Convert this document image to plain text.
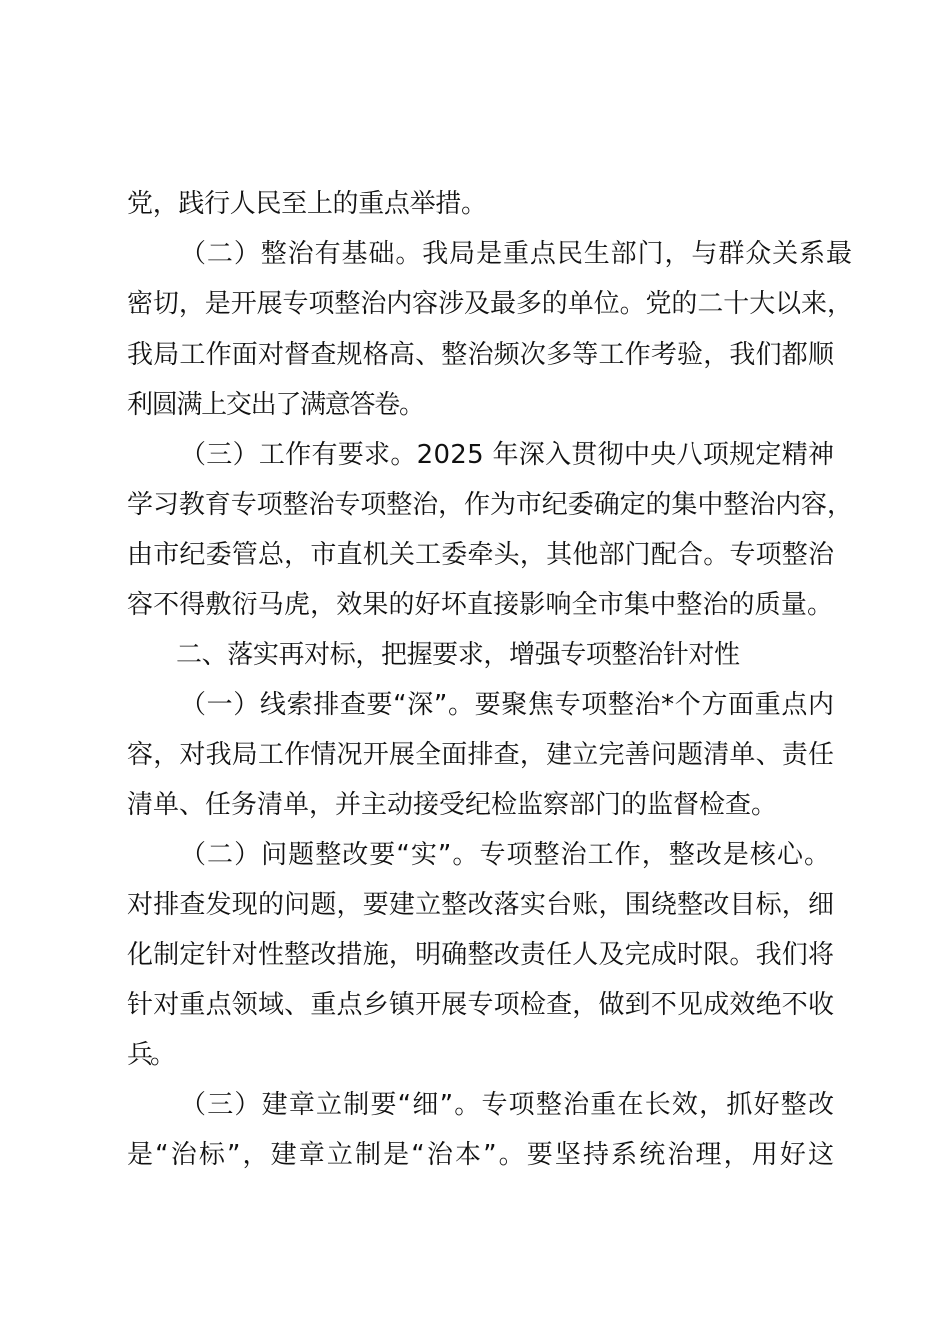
党，践行人民至上的重点举措。
（二）整治有基础。我局是重点民生部门，与群众关系最
密切，是开展专项整治内容涉及最多的单位。党的二十大以来，
我局工作面对督查规格高、整治频次多等工作考验，我们都顺
利圆满上交出了满意答卷。
（三）工作有要求。2025 年深入贯彻中央八项规定精神
学习教育专项整治专项整治，作为市纪委确定的集中整治内容，
由市纪委管总，市直机关工委牵头，其他部门配合。专项整治
容不得敷衍马虎，效果的好坏直接影响全市集中整治的质量。
二、落实再对标，把握要求，增强专项整治针对性
（一）线索排查要“深”。要聚焦专项整治*个方面重点内
容，对我局工作情况开展全面排查，建立完善问题清单、责任
清单、任务清单，并主动接受纪检监察部门的监督检查。
（二）问题整改要“实”。专项整治工作，整改是核心。
对排查发现的问题，要建立整改落实台账，围绕整改目标，细
化制定针对性整改措施，明确整改责任人及完成时限。我们将
针对重点领域、重点乡镇开展专项检查，做到不见成效绝不收
兵。
（三）建章立制要“细”。专项整治重在长效，抓好整改
是“治标”，建章立制是“治本”。要坚持系统治理，用好这
